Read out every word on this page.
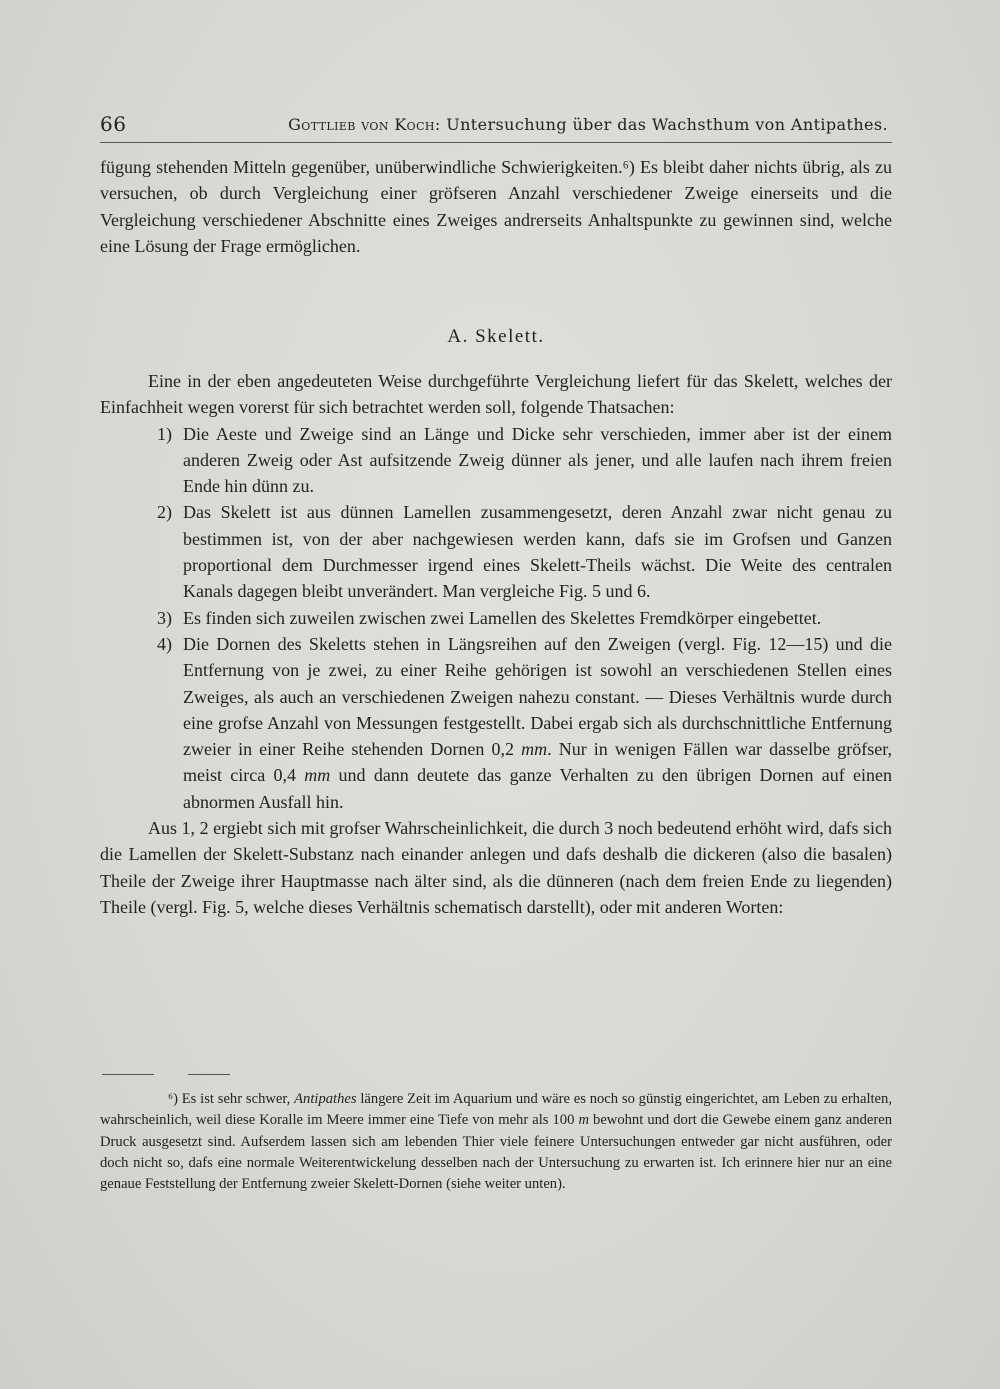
66	Gottlieb von Koch: Untersuchung über das Wachsthum von Antipathes.

fügung stehenden Mitteln gegenüber, unüberwindliche Schwierigkeiten.⁶) Es bleibt daher nichts übrig, als zu versuchen, ob durch Vergleichung einer gröfseren Anzahl verschiedener Zweige einerseits und die Vergleichung verschiedener Abschnitte eines Zweiges andrerseits Anhaltspunkte zu gewinnen sind, welche eine Lösung der Frage ermöglichen.

A. Skelett.

Eine in der eben angedeuteten Weise durchgeführte Vergleichung liefert für das Skelett, welches der Einfachheit wegen vorerst für sich betrachtet werden soll, folgende Thatsachen:

1) Die Aeste und Zweige sind an Länge und Dicke sehr verschieden, immer aber ist der einem anderen Zweig oder Ast aufsitzende Zweig dünner als jener, und alle laufen nach ihrem freien Ende hin dünn zu.

2) Das Skelett ist aus dünnen Lamellen zusammengesetzt, deren Anzahl zwar nicht genau zu bestimmen ist, von der aber nachgewiesen werden kann, dafs sie im Grofsen und Ganzen proportional dem Durchmesser irgend eines Skelett-Theils wächst. Die Weite des centralen Kanals dagegen bleibt unverändert. Man vergleiche Fig. 5 und 6.

3) Es finden sich zuweilen zwischen zwei Lamellen des Skelettes Fremdkörper eingebettet.

4) Die Dornen des Skeletts stehen in Längsreihen auf den Zweigen (vergl. Fig. 12—15) und die Entfernung von je zwei, zu einer Reihe gehörigen ist sowohl an verschiedenen Stellen eines Zweiges, als auch an verschiedenen Zweigen nahezu constant. — Dieses Verhältnis wurde durch eine grofse Anzahl von Messungen festgestellt. Dabei ergab sich als durchschnittliche Entfernung zweier in einer Reihe stehenden Dornen 0,2 mm. Nur in wenigen Fällen war dasselbe gröfser, meist circa 0,4 mm und dann deutete das ganze Verhalten zu den übrigen Dornen auf einen abnormen Ausfall hin.

Aus 1, 2 ergiebt sich mit grofser Wahrscheinlichkeit, die durch 3 noch bedeutend erhöht wird, dafs sich die Lamellen der Skelett-Substanz nach einander anlegen und dafs deshalb die dickeren (also die basalen) Theile der Zweige ihrer Hauptmasse nach älter sind, als die dünneren (nach dem freien Ende zu liegenden) Theile (vergl. Fig. 5, welche dieses Verhältnis schematisch darstellt), oder mit anderen Worten:

⁶) Es ist sehr schwer, Antipathes längere Zeit im Aquarium und wäre es noch so günstig eingerichtet, am Leben zu erhalten, wahrscheinlich, weil diese Koralle im Meere immer eine Tiefe von mehr als 100 m bewohnt und dort die Gewebe einem ganz anderen Druck ausgesetzt sind. Aufserdem lassen sich am lebenden Thier viele feinere Untersuchungen entweder gar nicht ausführen, oder doch nicht so, dafs eine normale Weiterentwickelung desselben nach der Untersuchung zu erwarten ist. Ich erinnere hier nur an eine genaue Feststellung der Entfernung zweier Skelett-Dornen (siehe weiter unten).
